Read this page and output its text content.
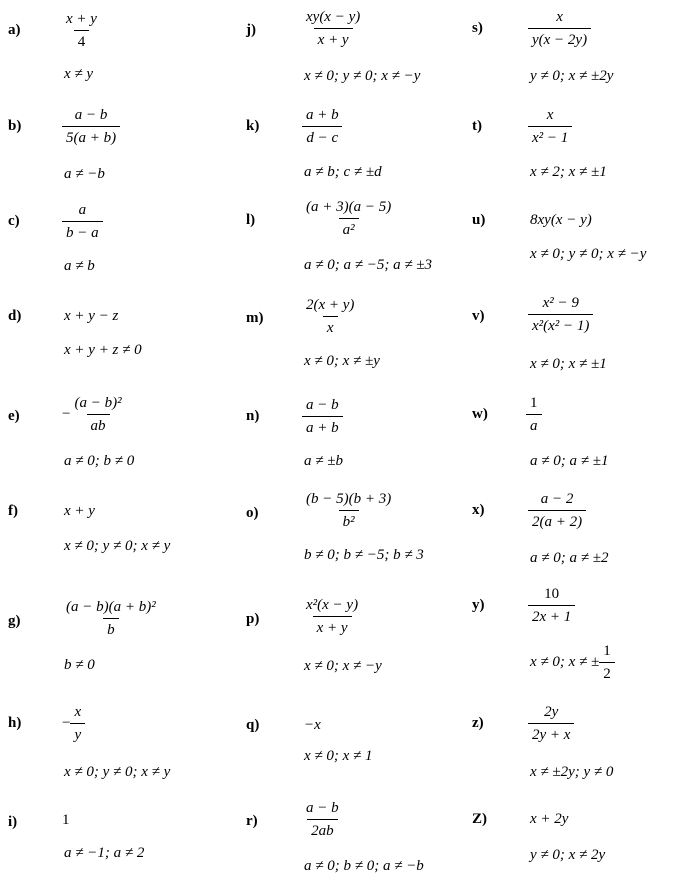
a)	$\frac{x + y}{4}$
x ≠ y
b)	$\frac{a - b}{5(a + b)}$
a ≠ −b
c)	$\frac{a}{b - a}$
a ≠ b
d)	x + y − z
x + y + z ≠ 0
e)	− $\frac{\text{(a − b)²}}{ab}$
a ≠ 0; b ≠ 0
f)	x + y
x ≠ 0; y ≠ 0; x ≠ y
g)	$\frac{\text{(a − b)(a + b)²}}{b}$
b ≠ 0
h)	− $\frac{x}{y}$
x ≠ 0; y ≠ 0; x ≠ y
i)	1
a ≠ −1; a ≠ 2
j)	$\frac{xy(x - y)}{x + y}$
x ≠ 0; y ≠ 0; x ≠ −y
k)	$\frac{a + b}{d - c}$
a ≠ b; c ≠ ±d
l)	$\frac{(a + 3)(a - 5)}{\text{a²}}$
a ≠ 0; a ≠ −5; a ≠ ±3
m)	$\frac{2(x + y)}{x}$
x ≠ 0; x ≠ ±y
n)	$\frac{a - b}{a + b}$
a ≠ ±b
o)	$\frac{(b - 5)(b + 3)}{\text{b²}}$
b ≠ 0; b ≠ −5; b ≠ 3
p)	$\frac{\text{x²(x − y)}}{x + y}$
x ≠ 0; x ≠ −y
q)	−x
x ≠ 0; x ≠ 1
r)	$\frac{a - b}{2ab}$
a ≠ 0; b ≠ 0; a ≠ −b
s)	$\frac{x}{y(x - 2y)}$
y ≠ 0; x ≠ ±2y
t)	$\frac{x}{\text{x² − 1}}$
x ≠ 2; x ≠ ±1
u)	8xy(x − y)
x ≠ 0; y ≠ 0; x ≠ −y
v)	$\frac{\text{x² − 9}}{\text{x²(x² − 1)}}$
x ≠ 0; x ≠ ±1
w)	$\frac{1}{a}$
a ≠ 0; a ≠ ±1
x)	$\frac{a - 2}{2(a + 2)}$
a ≠ 0; a ≠ ±2
y)	$\frac{10}{2x + 1}$
x ≠ 0; x ≠ ± $\frac{1}{2}$
z)	$\frac{2y}{2y + x}$
x ≠ ±2y; y ≠ 0
Z)	x + 2y
y ≠ 0; x ≠ 2y
